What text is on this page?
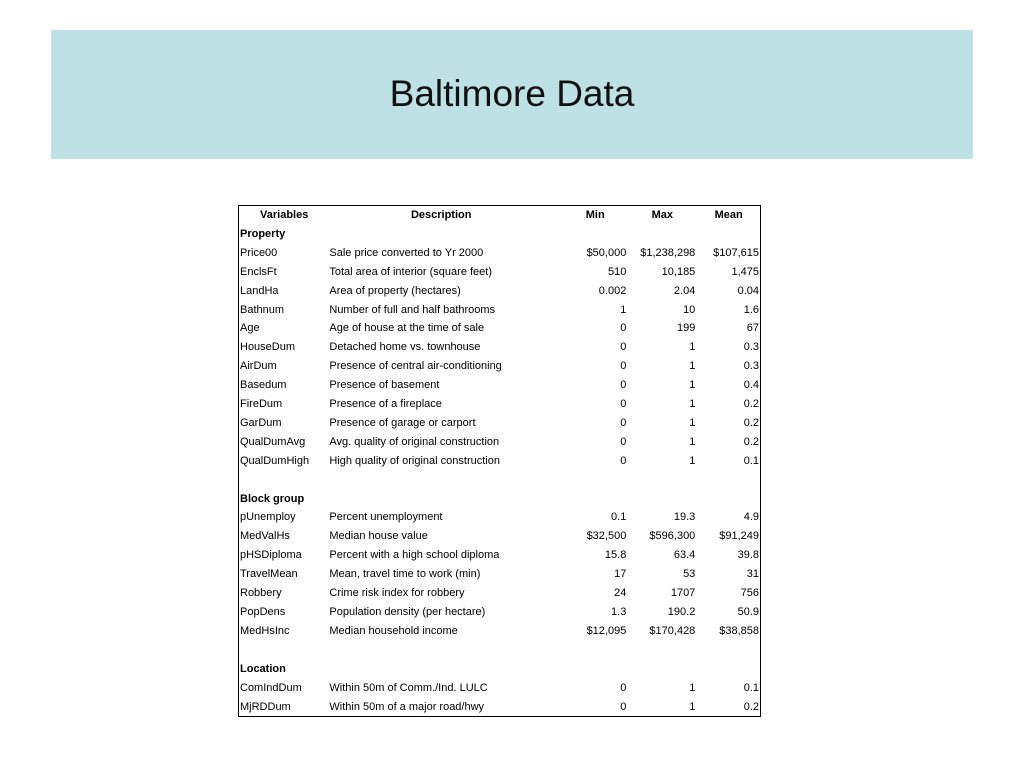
Baltimore Data
Variables	Description	Min	Max	Mean
Property				
Price00	Sale price converted to Yr 2000	$50,000	$1,238,298	$107,615
EnclsFt	Total area of interior (square feet)	510	10,185	1,475
LandHa	Area of property (hectares)	0.002	2.04	0.04
Bathnum	Number of full and half bathrooms	1	10	1.6
Age	Age of house at the time of sale	0	199	67
HouseDum	Detached home vs. townhouse	0	1	0.3
AirDum	Presence of central air-conditioning	0	1	0.3
Basedum	Presence of basement	0	1	0.4
FireDum	Presence of a fireplace	0	1	0.2
GarDum	Presence of garage or carport	0	1	0.2
QualDumAvg	Avg. quality of original construction	0	1	0.2
QualDumHigh	High quality of original construction	0	1	0.1

Block group				
pUnemploy	Percent unemployment	0.1	19.3	4.9
MedValHs	Median house value	$32,500	$596,300	$91,249
pHSDiploma	Percent with a high school diploma	15.8	63.4	39.8
TravelMean	Mean, travel time to work (min)	17	53	31
Robbery	Crime risk index for robbery	24	1707	756
PopDens	Population density (per hectare)	1.3	190.2	50.9
MedHsInc	Median household income	$12,095	$170,428	$38,858

Location				
ComIndDum	Within 50m of Comm./Ind. LULC	0	1	0.1
MjRDDum	Within 50m of a major road/hwy	0	1	0.2
